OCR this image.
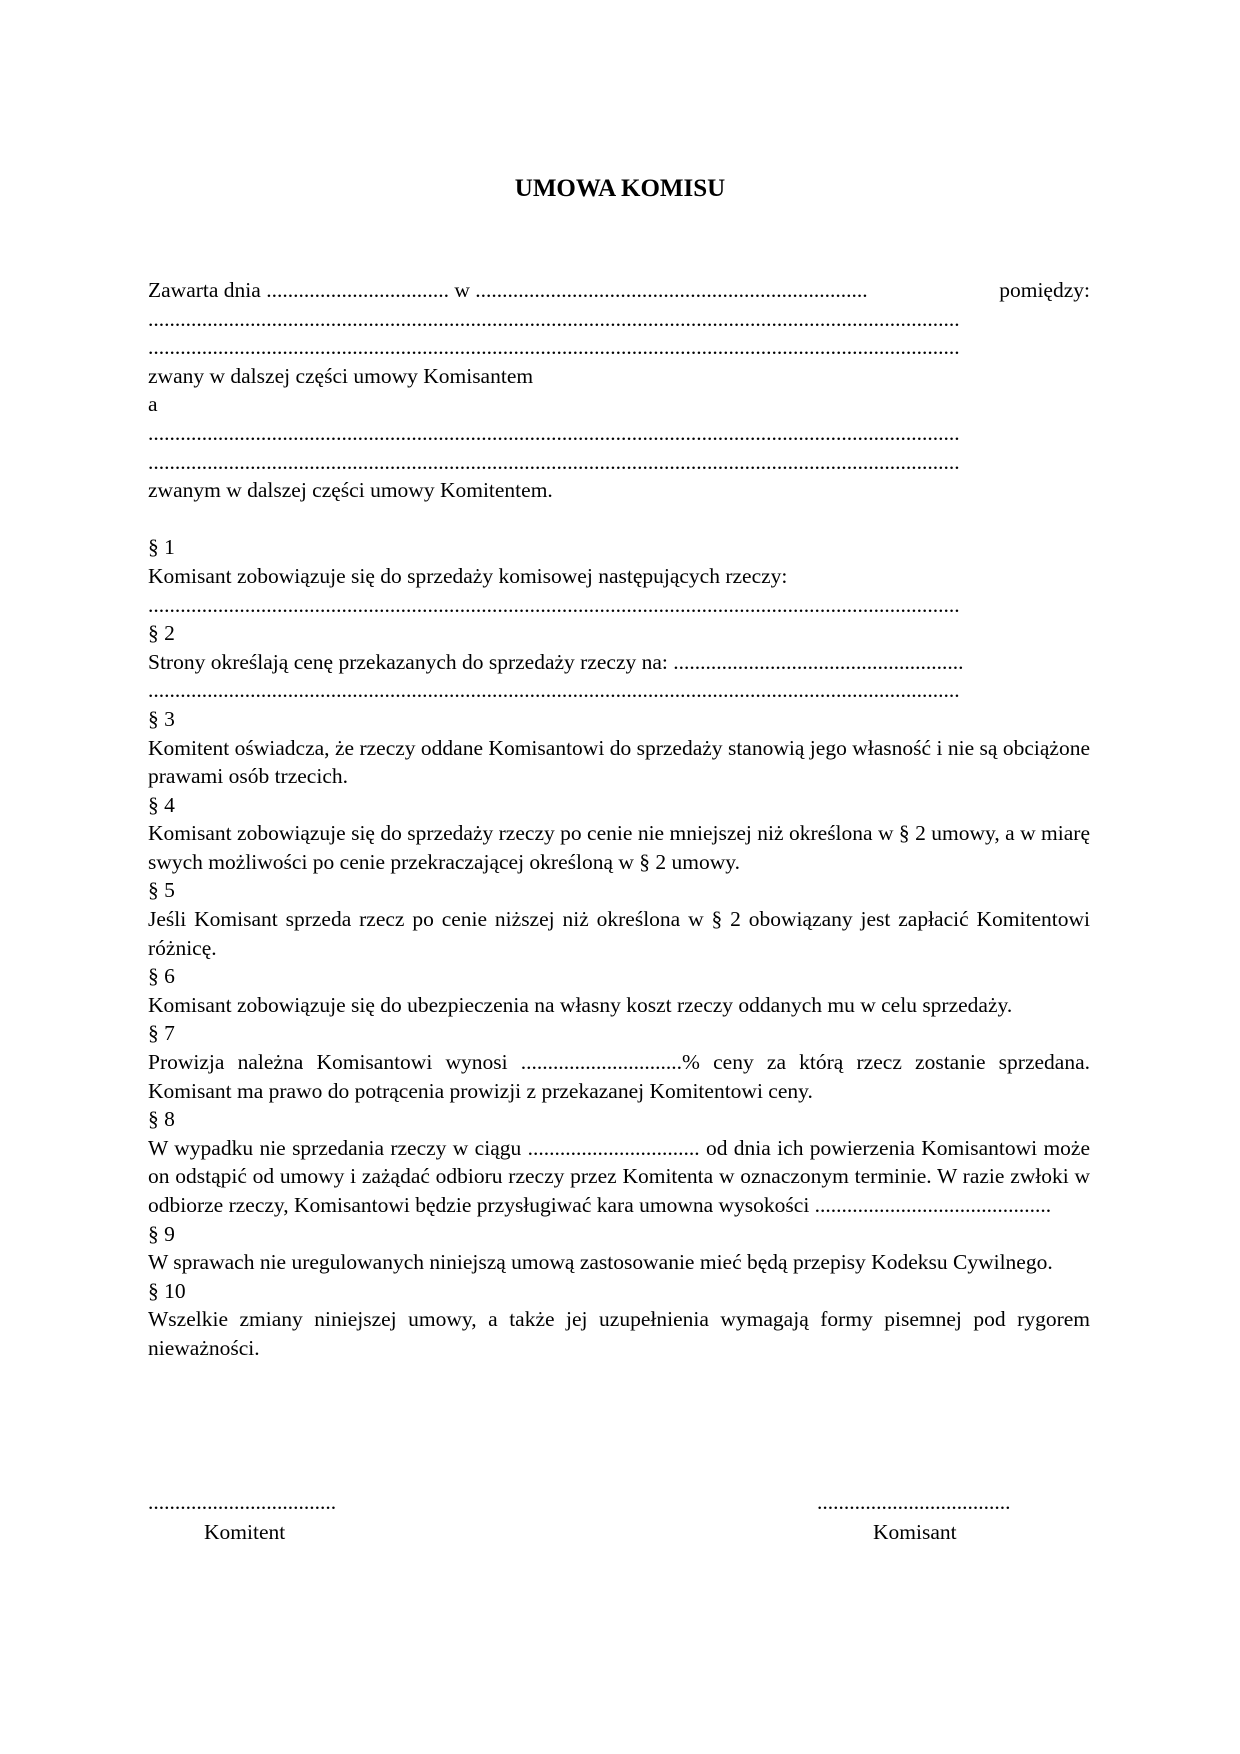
UMOWA KOMISU
Zawarta dnia .................................. w .........................................................................	pomiędzy:
.......................................................................................................................................................
.......................................................................................................................................................
zwany w dalszej części umowy Komisantem
a
.......................................................................................................................................................
.......................................................................................................................................................
zwanym w dalszej części umowy Komitentem.
§ 1
Komisant zobowiązuje się do sprzedaży komisowej następujących rzeczy:
.......................................................................................................................................................
§ 2
Strony określają cenę przekazanych do sprzedaży rzeczy na: ......................................................
.......................................................................................................................................................
§ 3

Komitent oświadcza, że rzeczy oddane Komisantowi do sprzedaży stanowią jego własność i nie są obciążone prawami osób trzecich.

§ 4

Komisant zobowiązuje się do sprzedaży rzeczy po cenie nie mniejszej niż określona w § 2 umowy, a w miarę swych możliwości po cenie przekraczającej określoną w § 2 umowy.

§ 5

Jeśli Komisant sprzeda rzecz po cenie niższej niż określona w § 2 obowiązany jest zapłacić Komitentowi różnicę.

§ 6

Komisant zobowiązuje się do ubezpieczenia na własny koszt rzeczy oddanych mu w celu sprzedaży.

§ 7

Prowizja należna Komisantowi wynosi ..............................% ceny za którą rzecz zostanie sprzedana. Komisant ma prawo do potrącenia prowizji z przekazanej Komitentowi ceny.

§ 8

W wypadku nie sprzedania rzeczy w ciągu ................................ od dnia ich powierzenia Komisantowi może on odstąpić od umowy i zażądać odbioru rzeczy przez Komitenta w oznaczonym terminie. W razie zwłoki w odbiorze rzeczy, Komisantowi będzie przysługiwać kara umowna wysokości ............................................

§ 9

W sprawach nie uregulowanych niniejszą umową zastosowanie mieć będą przepisy Kodeksu Cywilnego.

§ 10

Wszelkie zmiany niniejszej umowy, a także jej uzupełnienia wymagają formy pisemnej pod rygorem nieważności.

...................................
Komitent
....................................
Komisant
